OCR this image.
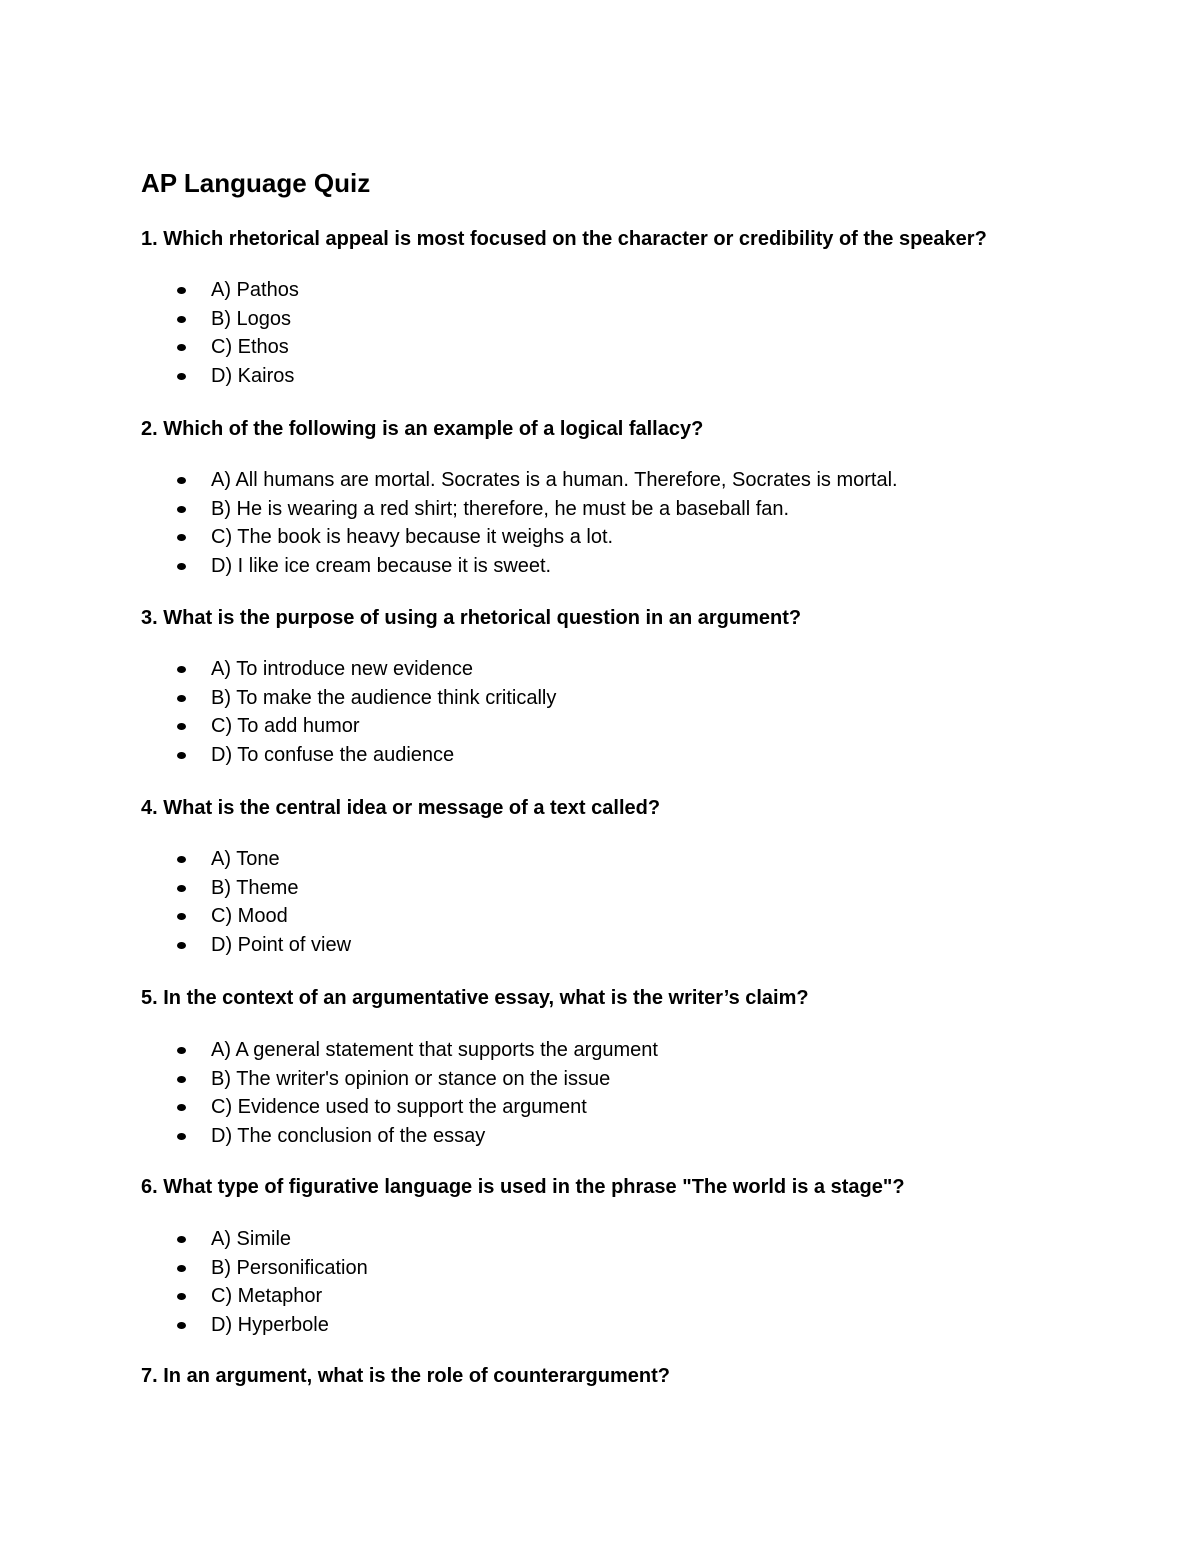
AP Language Quiz

1. Which rhetorical appeal is most focused on the character or credibility of the speaker?

A) Pathos
B) Logos
C) Ethos
D) Kairos

2. Which of the following is an example of a logical fallacy?

A) All humans are mortal. Socrates is a human. Therefore, Socrates is mortal.
B) He is wearing a red shirt; therefore, he must be a baseball fan.
C) The book is heavy because it weighs a lot.
D) I like ice cream because it is sweet.

3. What is the purpose of using a rhetorical question in an argument?

A) To introduce new evidence
B) To make the audience think critically
C) To add humor
D) To confuse the audience

4. What is the central idea or message of a text called?

A) Tone
B) Theme
C) Mood
D) Point of view

5. In the context of an argumentative essay, what is the writer’s claim?

A) A general statement that supports the argument
B) The writer's opinion or stance on the issue
C) Evidence used to support the argument
D) The conclusion of the essay

6. What type of figurative language is used in the phrase "The world is a stage"?

A) Simile
B) Personification
C) Metaphor
D) Hyperbole

7. In an argument, what is the role of counterargument?
